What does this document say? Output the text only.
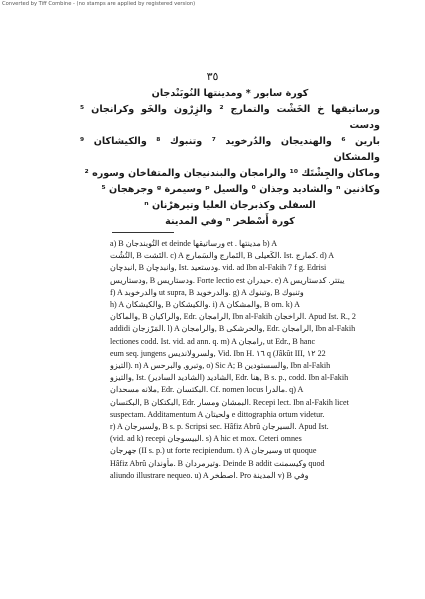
Converted by Tiff Combine - (no stamps are applied by registered version)
٣٥
كورة سابور * ومدينتها النُوبَنْدجان
ورساتيقها خ الخَشْت والتمارج ² والزِرْون والخَو وكرانجان ⁵ ودست
بارين ⁶ والهنديجان والدُرخويد ⁷ وتنبوك ⁸ والكيشاكان ⁹ والمشكان
وماكان والجِشْتَك ¹⁰ والرامجان والبندنيجان والمتفاخان وسوره ²
وكاذنين ⁿ والشاديد وجذان ⁰ والسيل ᵖ وسيمرة ᵍ وجرهجان ⁵
السفلى وكذبرجان العليا وتيرهرْنان ⁿ
كورة أَسْطخر ⁿ وفي المدينة
a) B التُوبندجان et deinde ورساتيقها et . مدينتها b) A
التُشُت, B التَشت. c) A التَمارج والسَمارج, B الكَعيلى. Ist. كمارج. d) A
انبدچان, B وانبدچان, Ist. ودستعيد. vid. ad Ibn al-Fakih 7 f g. Edrisi
ودستاريس, B ودستاريس. Forte lectio est حيدران. e) A يبتتر. كدستاريس
f) A والدرخوبد ut supra, B والدرخويد. g) A وتبنوك, B وتنبوك
h) A والكيشكان, B والكيشكان. i) A والمشكان, B om. k) A
والماكان, B والراكيان, Edr. الرامجان, Ibn al-Fakih الراخجان. Apud Ist. R., 2
addidi المَرْزجان. l) A والرامجان, B والحرشكى, Edr. الرامجان, Ibn al-Fakih
lectiones codd. Ist. vid. ad ann. q. m) A رامجان, ut Edr., B hanc
eum seq. jungens ولسرولانديس, Vid. Ibn H. ١٦ q (Jâkût III, ١٢ 22
التيزو). n) A وتبرو, والبرحس, o) Sic A; B والسستودين, Ibn al-Fakih
والتيزو, Ist. الشاديد (الشاديد السادير), Edr. هنا, B s. p., codd. Ibn al-Fakih
ملانه مسحدان, Edr. البكتسان. Cf. nomen locus مالدرا. q) A
البكتسان, B البكتكان, Edr. البمشان ومسار. Recepi lect. Ibn al-Fakih licet
suspectam. Additamentum A ولحيتان e dittographia ortum videtur.
r) A ولسيرجان, B s. p. Scripsi sec. Hâfiz Abrû السيرجان. Apud Ist.
(vid. ad k) recepi البيسوجان. s) A hic et mox. Ceteri omnes
جهرجان (II s. p.) ut forte recipiendum. t) A وسيرجان ut quoque
Hâfiz Abrû مأوندان. B وتيرمردان. Deinde B addit وكيسمنت quod
aliundo illustrare nequeo. u) A اصطخر. Pro المدينة v) B وفي
